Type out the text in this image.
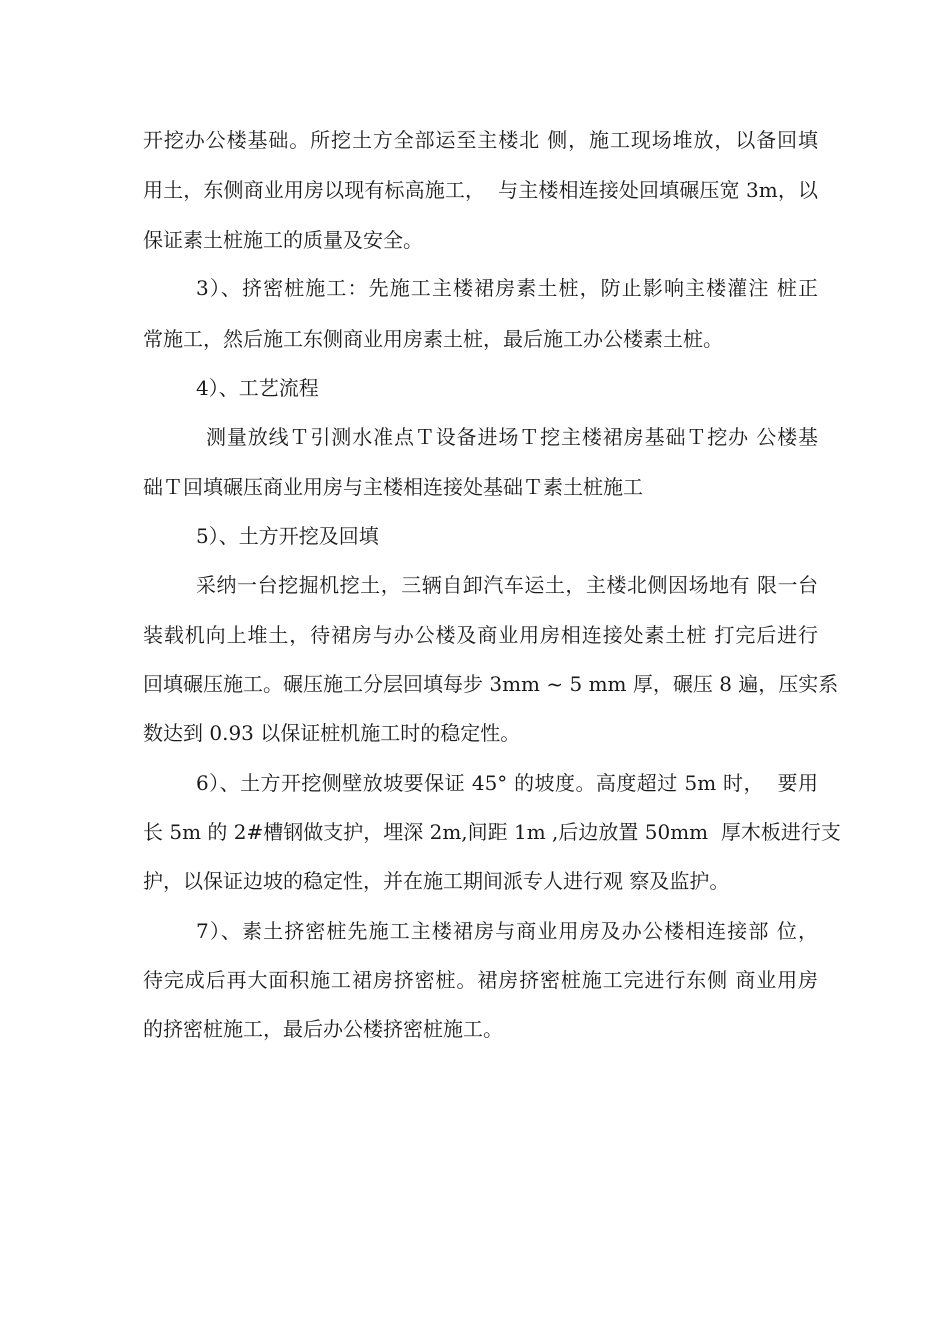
开挖办公楼基础。所挖土方全部运至主楼北 侧，施工现场堆放，以备回填
用土，东侧商业用房以现有标高施工，  与主楼相连接处回填碾压宽 3m，以
保证素土桩施工的质量及安全。
3）、挤密桩施工：先施工主楼裙房素土桩，防止影响主楼灌注 桩正
常施工，然后施工东侧商业用房素土桩，最后施工办公楼素土桩。
4）、工艺流程
测量放线Ｔ引测水准点Ｔ设备进场Ｔ挖主楼裙房基础Ｔ挖办 公楼基
础Ｔ回填碾压商业用房与主楼相连接处基础Ｔ素土桩施工
5）、土方开挖及回填
采纳一台挖掘机挖土，三辆自卸汽车运土，主楼北侧因场地有 限一台
装载机向上堆土，待裙房与办公楼及商业用房相连接处素土桩 打完后进行
回填碾压施工。碾压施工分层回填每步 3mm ~ 5 mm 厚，碾压 8 遍，压实系
数达到 0.93 以保证桩机施工时的稳定性。
6）、土方开挖侧壁放坡要保证 45° 的坡度。高度超过 5m 时，  要用
长 5m 的 2#槽钢做支护，埋深 2m,间距 1m ,后边放置 50mm  厚木板进行支
护，以保证边坡的稳定性，并在施工期间派专人进行观 察及监护。
7）、素土挤密桩先施工主楼裙房与商业用房及办公楼相连接部 位，
待完成后再大面积施工裙房挤密桩。裙房挤密桩施工完进行东侧 商业用房
的挤密桩施工，最后办公楼挤密桩施工。
